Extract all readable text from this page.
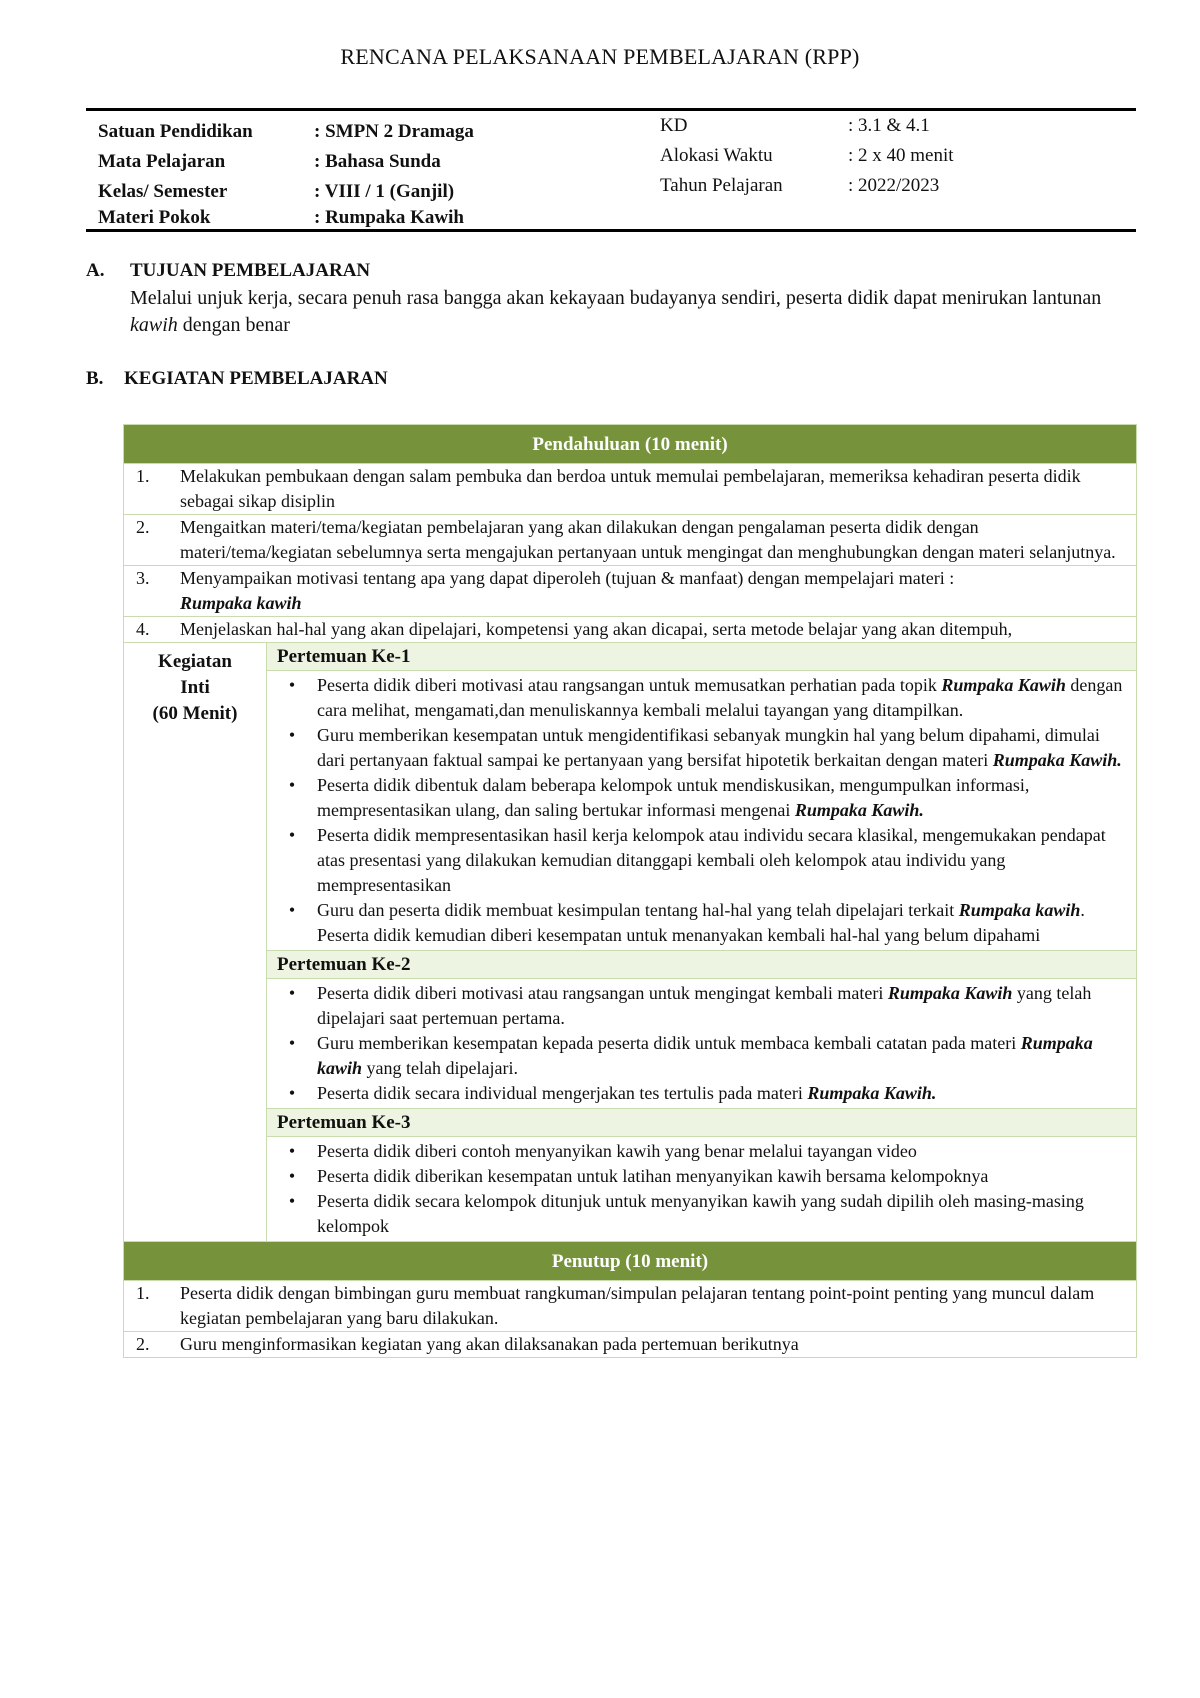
RENCANA PELAKSANAAN PEMBELAJARAN (RPP)
Satuan Pendidikan	: SMPN 2 Dramaga
Mata Pelajaran	: Bahasa Sunda
Kelas/ Semester	: VIII / 1 (Ganjil)
Materi Pokok	: Rumpaka Kawih
KD	: 3.1 & 4.1
Alokasi Waktu	: 2 x 40 menit
Tahun Pelajaran	: 2022/2023
A. TUJUAN PEMBELAJARAN
Melalui unjuk kerja, secara penuh rasa bangga akan kekayaan budayanya sendiri, peserta didik dapat menirukan lantunan kawih dengan benar
B. KEGIATAN PEMBELAJARAN
Pendahuluan (10 menit)

1.	Melakukan pembukaan dengan salam pembuka dan berdoa untuk memulai pembelajaran, memeriksa kehadiran peserta didik sebagai sikap disiplin

2.	Mengaitkan materi/tema/kegiatan pembelajaran yang akan dilakukan dengan pengalaman peserta didik dengan materi/tema/kegiatan sebelumnya serta mengajukan pertanyaan untuk mengingat dan menghubungkan dengan materi selanjutnya.

3.	Menyampaikan motivasi tentang apa yang dapat diperoleh (tujuan & manfaat) dengan mempelajari materi :
Rumpaka kawih

4.	Menjelaskan hal-hal yang akan dipelajari, kompetensi yang akan dicapai, serta metode belajar yang akan ditempuh,

Kegiatan
Inti
(60 Menit)	Pertemuan Ke-1

•	Peserta didik diberi motivasi atau rangsangan untuk memusatkan perhatian pada topik Rumpaka Kawih dengan cara melihat, mengamati,dan menuliskannya kembali melalui tayangan yang ditampilkan.
•	Guru memberikan kesempatan untuk mengidentifikasi sebanyak mungkin hal yang belum dipahami, dimulai dari pertanyaan faktual sampai ke pertanyaan yang bersifat hipotetik berkaitan dengan materi Rumpaka Kawih.
•	Peserta didik dibentuk dalam beberapa kelompok untuk mendiskusikan, mengumpulkan informasi, mempresentasikan ulang, dan saling bertukar informasi mengenai Rumpaka Kawih.
•	Peserta didik mempresentasikan hasil kerja kelompok atau individu secara klasikal, mengemukakan pendapat atas presentasi yang dilakukan kemudian ditanggapi kembali oleh kelompok atau individu yang mempresentasikan
•	Guru dan peserta didik membuat kesimpulan tentang hal-hal yang telah dipelajari terkait Rumpaka kawih. Peserta didik kemudian diberi kesempatan untuk menanyakan kembali hal-hal yang belum dipahami

Pertemuan Ke-2

•	Peserta didik diberi motivasi atau rangsangan untuk mengingat kembali materi Rumpaka Kawih yang telah dipelajari saat pertemuan pertama.
•	Guru memberikan kesempatan kepada peserta didik untuk membaca kembali catatan pada materi Rumpaka kawih yang telah dipelajari.
•	Peserta didik secara individual mengerjakan tes tertulis pada materi Rumpaka Kawih.

Pertemuan Ke-3

•	Peserta didik diberi contoh menyanyikan kawih yang benar melalui tayangan video
•	Peserta didik diberikan kesempatan untuk latihan menyanyikan kawih bersama kelompoknya
•	Peserta didik secara kelompok ditunjuk untuk menyanyikan kawih yang sudah dipilih oleh masing-masing kelompok

Penutup (10 menit)

1.	Peserta didik dengan bimbingan guru membuat rangkuman/simpulan pelajaran tentang point-point penting yang muncul dalam kegiatan pembelajaran yang baru dilakukan.

2.	Guru menginformasikan kegiatan yang akan dilaksanakan pada pertemuan berikutnya
